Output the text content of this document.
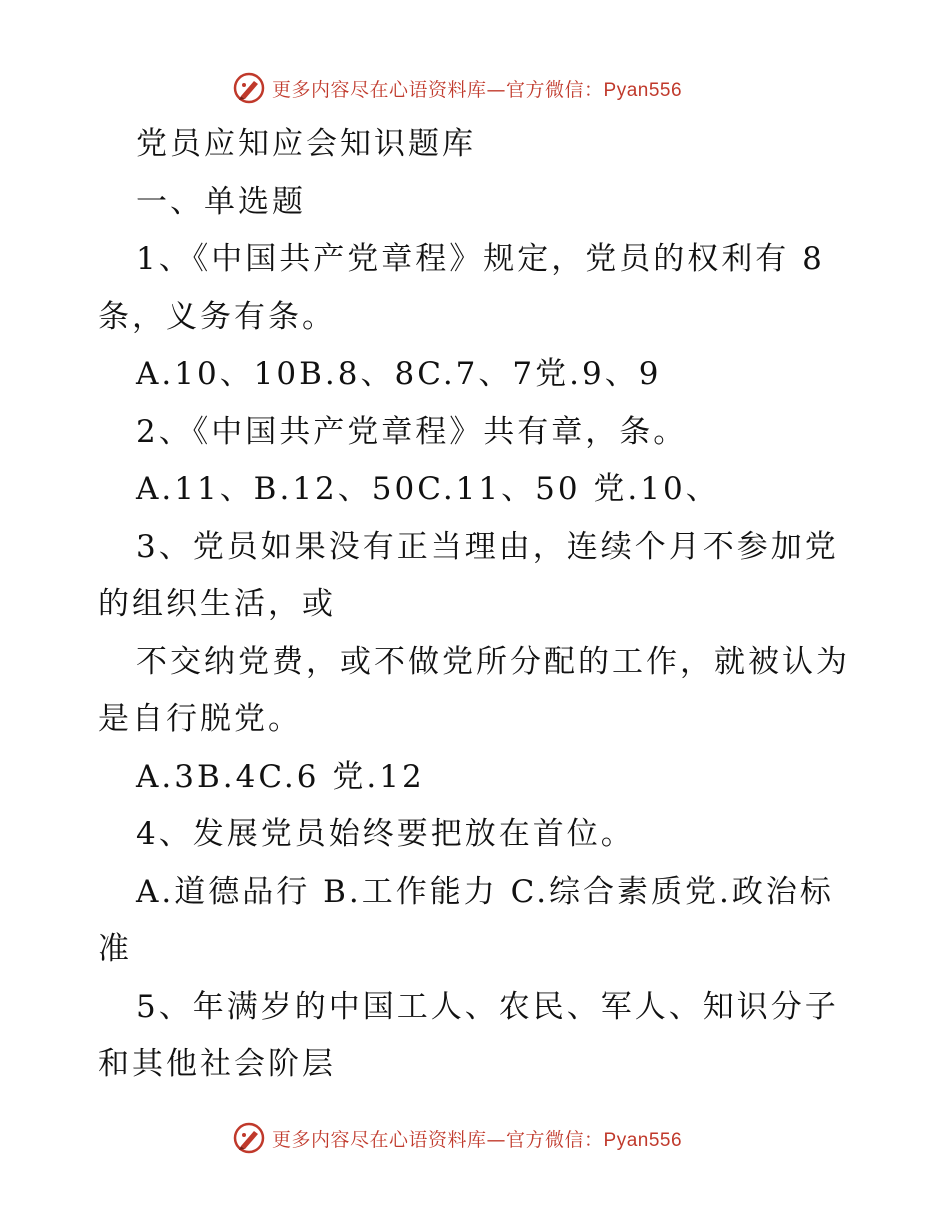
更多内容尽在心语资料库—官方微信：Pyan556
党员应知应会知识题库
一、单选题
1、《中国共产党章程》规定，党员的权利有 8
条，义务有条。
A.10、10B.8、8C.7、7党.9、9
2、《中国共产党章程》共有章，条。
A.11、B.12、50C.11、50 党.10、
3、党员如果没有正当理由，连续个月不参加党
的组织生活，或
不交纳党费，或不做党所分配的工作，就被认为
是自行脱党。
A.3B.4C.6 党.12
4、发展党员始终要把放在首位。
A.道德品行 B.工作能力 C.综合素质党.政治标
准
5、年满岁的中国工人、农民、军人、知识分子
和其他社会阶层
更多内容尽在心语资料库—官方微信：Pyan556
